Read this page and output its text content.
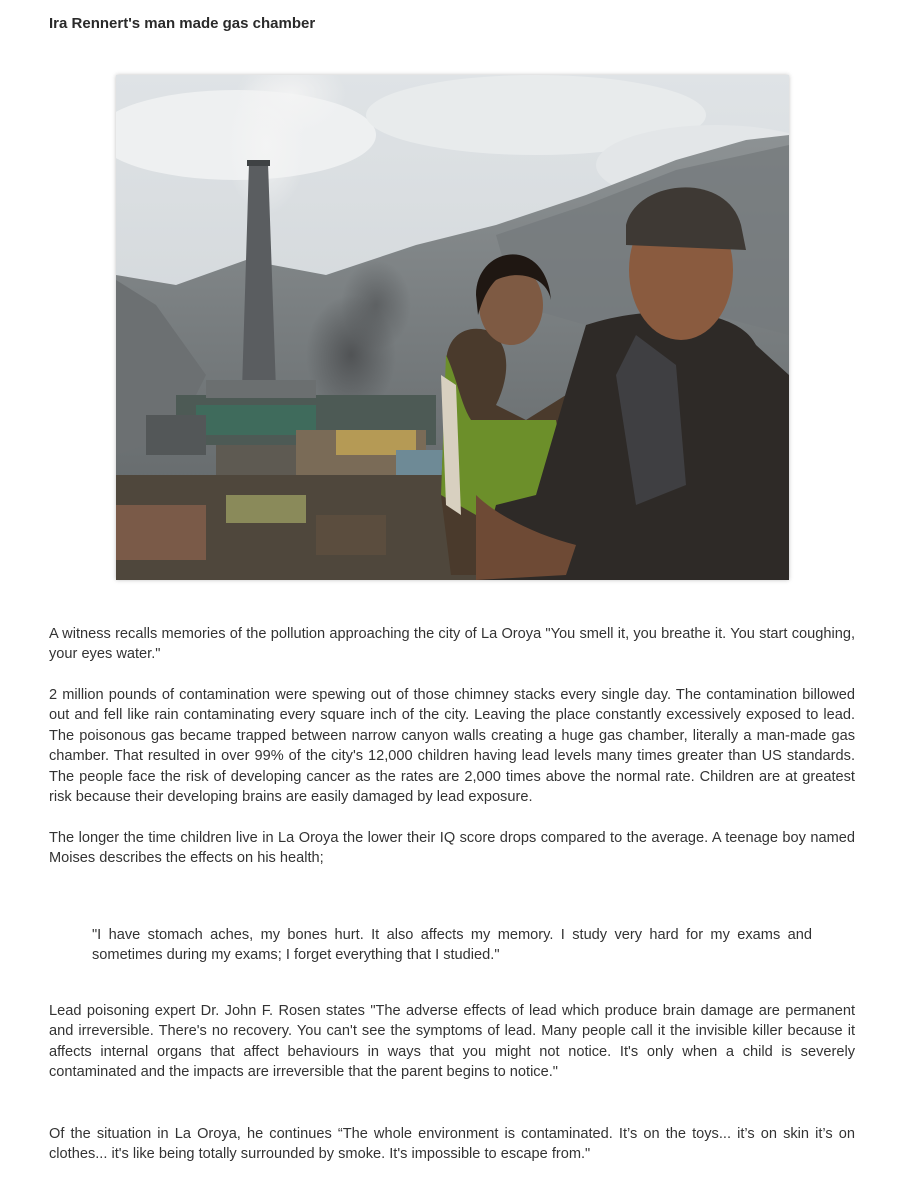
Ira Rennert's man made gas chamber

A witness recalls memories of the pollution approaching the city of La Oroya "You smell it, you breathe it. You start coughing, your eyes water."

2 million pounds of contamination were spewing out of those chimney stacks every single day. The contamination billowed out and fell like rain contaminating every square inch of the city. Leaving the place constantly excessively exposed to lead. The poisonous gas became trapped between narrow canyon walls creating a huge gas chamber, literally a man-made gas chamber. That resulted in over 99% of the city's 12,000 children having lead levels many times greater than US standards. The people face the risk of developing cancer as the rates are 2,000 times above the normal rate. Children are at greatest risk because their developing brains are easily damaged by lead exposure.

The longer the time children live in La Oroya the lower their IQ score drops compared to the average. A teenage boy named Moises describes the effects on his health;

"I have stomach aches, my bones hurt. It also affects my memory. I study very hard for my exams and sometimes during my exams; I forget everything that I studied."

Lead poisoning expert Dr. John F. Rosen states "The adverse effects of lead which produce brain damage are permanent and irreversible. There's no recovery. You can't see the symptoms of lead. Many people call it the invisible killer because it affects internal organs that affect behaviours in ways that you might not notice. It's only when a child is severely contaminated and the impacts are irreversible that the parent begins to notice."

Of the situation in La Oroya, he continues “The whole environment is contaminated. It’s on the toys... it’s on skin it’s on clothes... it's like being totally surrounded by smoke. It's impossible to escape from."
